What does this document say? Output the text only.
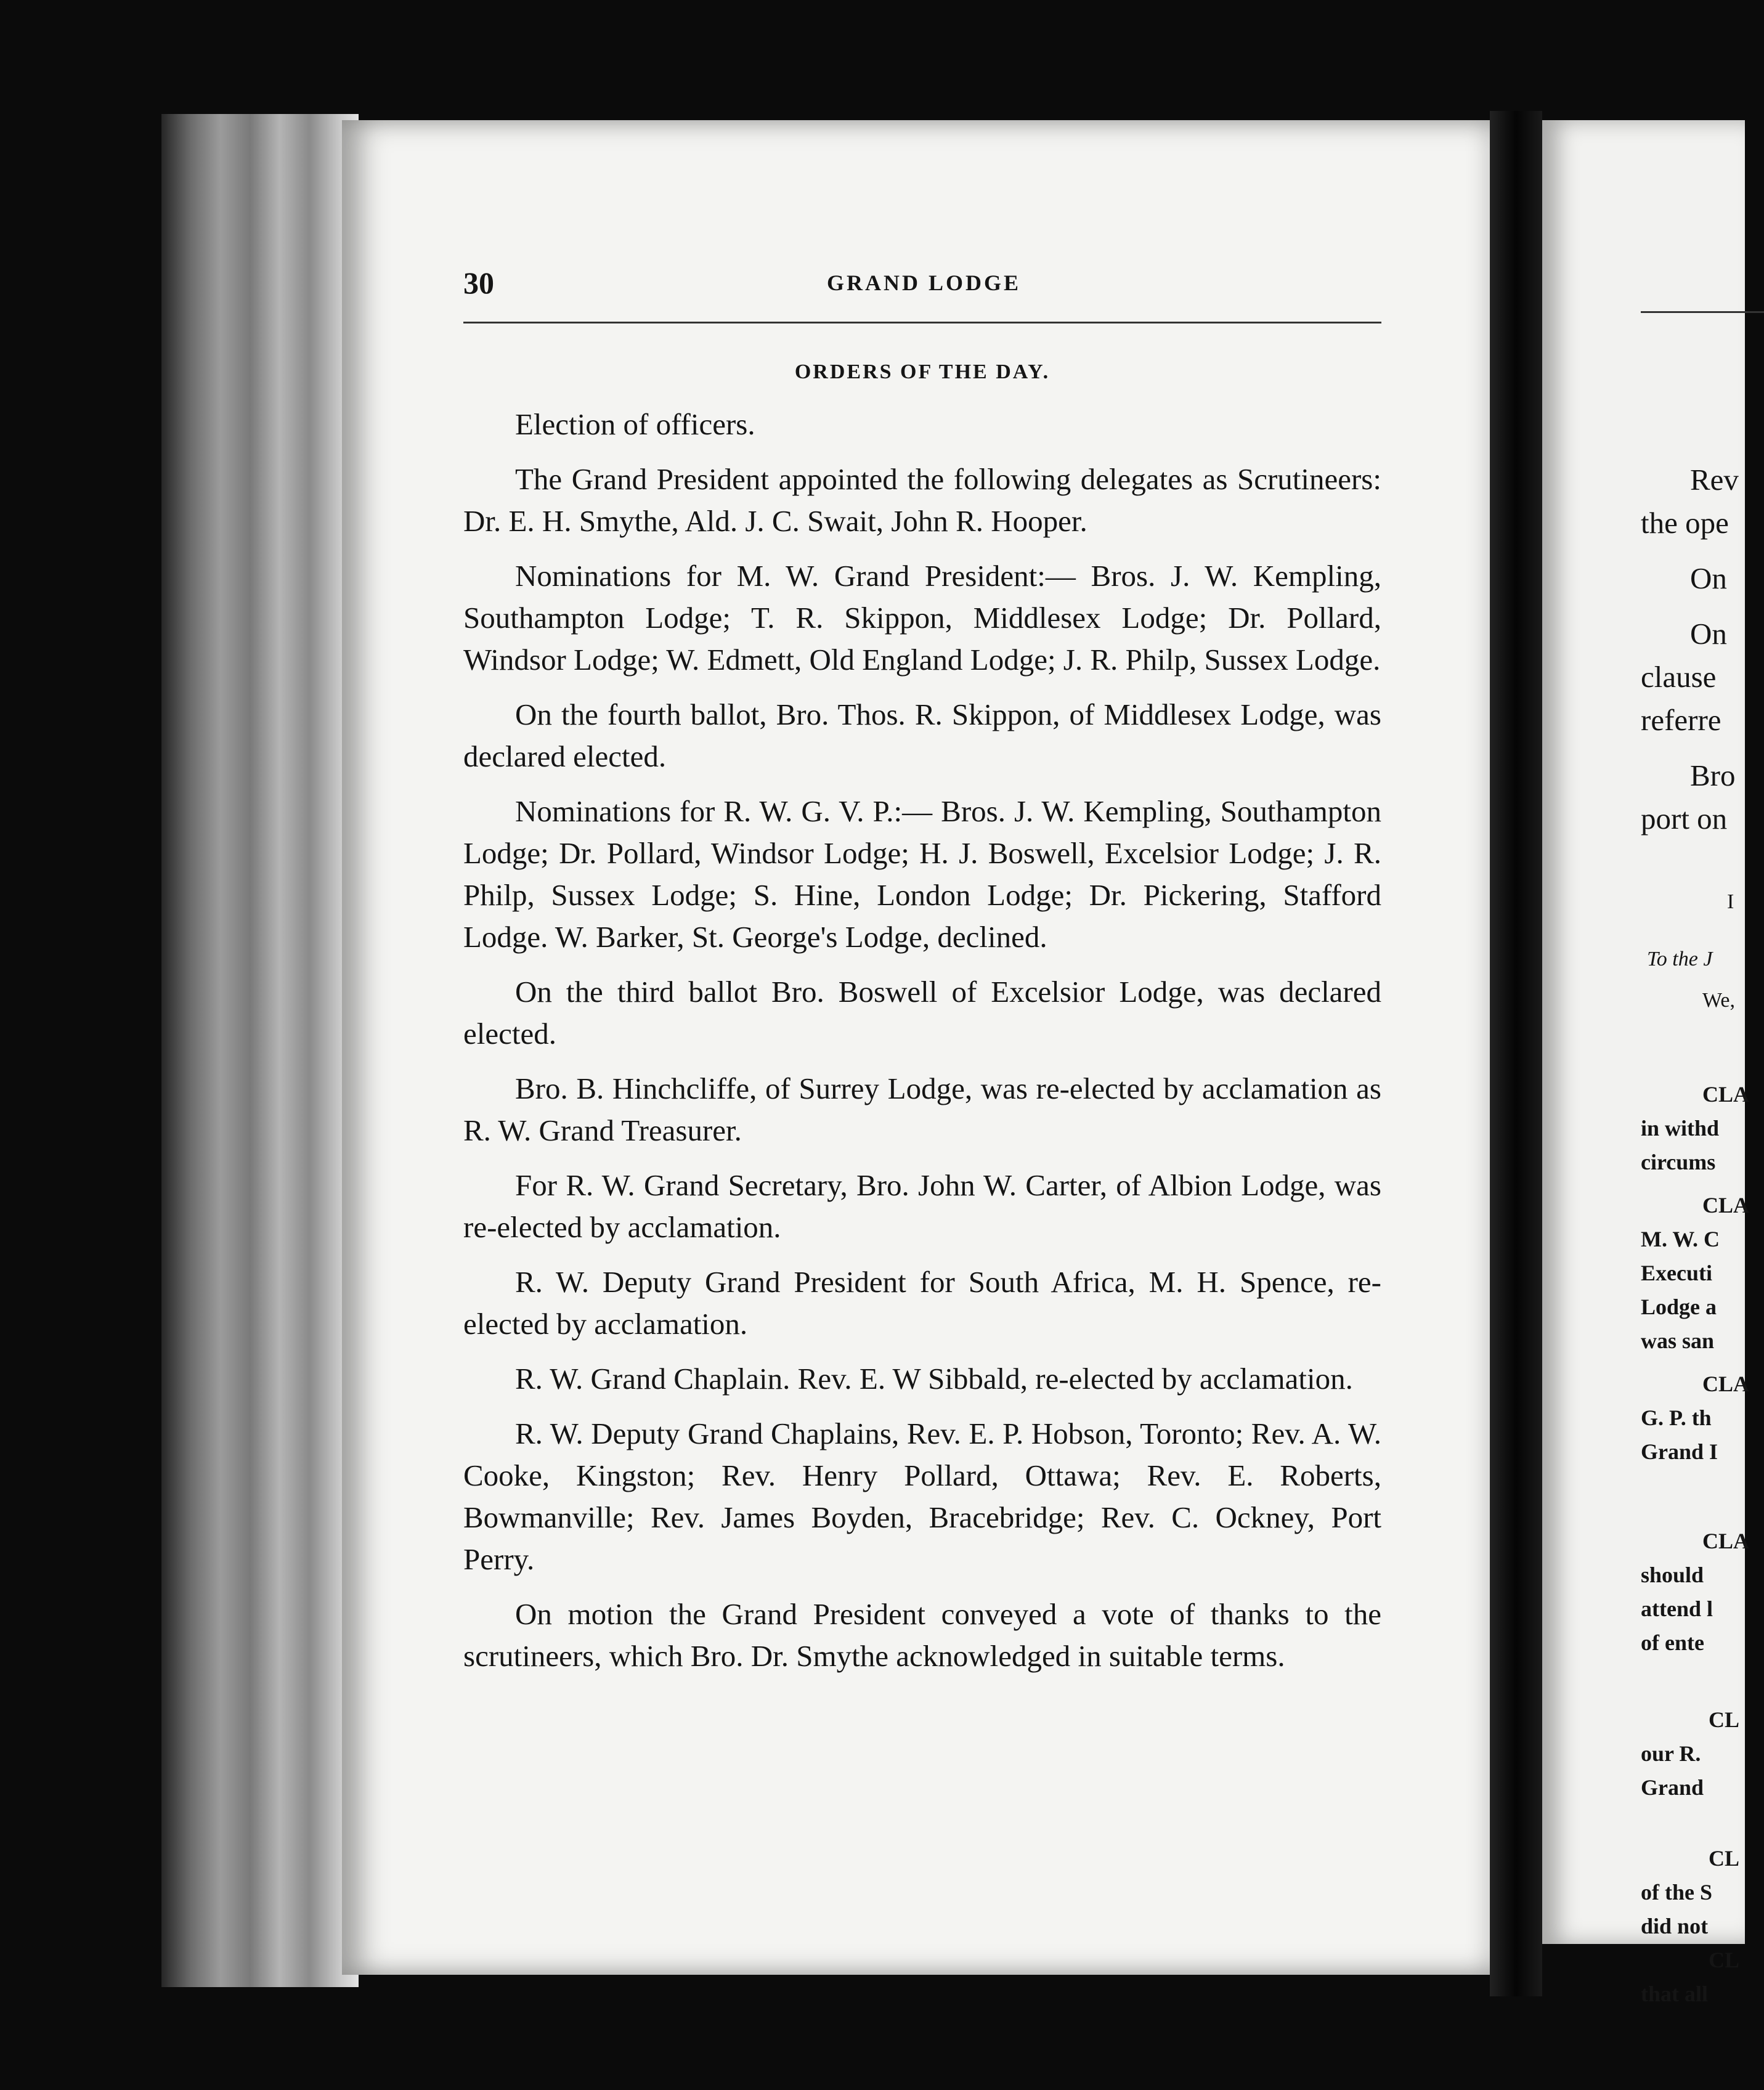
30	GRAND LODGE
ORDERS OF THE DAY.

Election of officers.

The Grand President appointed the following delegates as Scrutineers: Dr. E. H. Smythe, Ald. J. C. Swait, John R. Hooper.

Nominations for M. W. Grand President:— Bros. J. W. Kempling, Southampton Lodge; T. R. Skippon, Middlesex Lodge; Dr. Pollard, Windsor Lodge; W. Edmett, Old England Lodge; J. R. Philp, Sussex Lodge.

On the fourth ballot, Bro. Thos. R. Skippon, of Middlesex Lodge, was declared elected.

Nominations for R. W. G. V. P.:— Bros. J. W. Kempling, Southampton Lodge; Dr. Pollard, Windsor Lodge; H. J. Boswell, Excelsior Lodge; J. R. Philp, Sussex Lodge; S. Hine, London Lodge; Dr. Pickering, Stafford Lodge. W. Barker, St. George's Lodge, declined.

On the third ballot Bro. Boswell of Excelsior Lodge, was declared elected.

Bro. B. Hinchcliffe, of Surrey Lodge, was re-elected by acclamation as R. W. Grand Treasurer.

For R. W. Grand Secretary, Bro. John W. Carter, of Albion Lodge, was re-elected by acclamation.

R. W. Deputy Grand President for South Africa, M. H. Spence, re-elected by acclamation.

R. W. Grand Chaplain. Rev. E. W Sibbald, re-elected by acclamation.

R. W. Deputy Grand Chaplains, Rev. E. P. Hobson, Toronto; Rev. A. W. Cooke, Kingston; Rev. Henry Pollard, Ottawa; Rev. E. Roberts, Bowmanville; Rev. James Boyden, Bracebridge; Rev. C. Ockney, Port Perry.

On motion the Grand President conveyed a vote of thanks to the scrutineers, which Bro. Dr. Smythe acknowledged in suitable terms.

Rev
the ope
On
On
clause
referre
Bro
port on
I
To the J
We,
CLA
in withd
circums
CLA
M. W. C
Executi
Lodge a
was san
CLA
G. P. th
Grand I
CLA
should
attend l
of ente
CL
our R.
Grand
CL
of the S
did not
CL
that all
